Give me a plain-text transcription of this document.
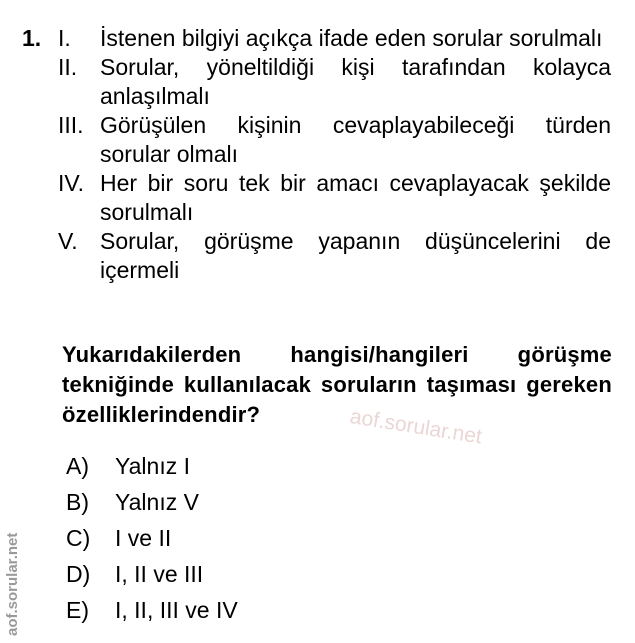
1. I.	İstenen bilgiyi açıkça ifade eden sorular sorulmalı
II. Sorular, yöneltildiği kişi tarafından kolayca anlaşılmalı
III. Görüşülen kişinin cevaplayabileceği türden sorular olmalı
IV. Her bir soru tek bir amacı cevaplayacak şekilde sorulmalı
V. Sorular, görüşme yapanın düşüncelerini de içermeli
Yukarıdakilerden hangisi/hangileri görüşme tekniğinde kullanılacak soruların taşıması gereken özelliklerindendir?	aof.sorular.net
A)	Yalnız I
B)	Yalnız V
C)	I ve II
D)	I, II ve III
E)	I, II, III ve IV
aof.sorular.net
